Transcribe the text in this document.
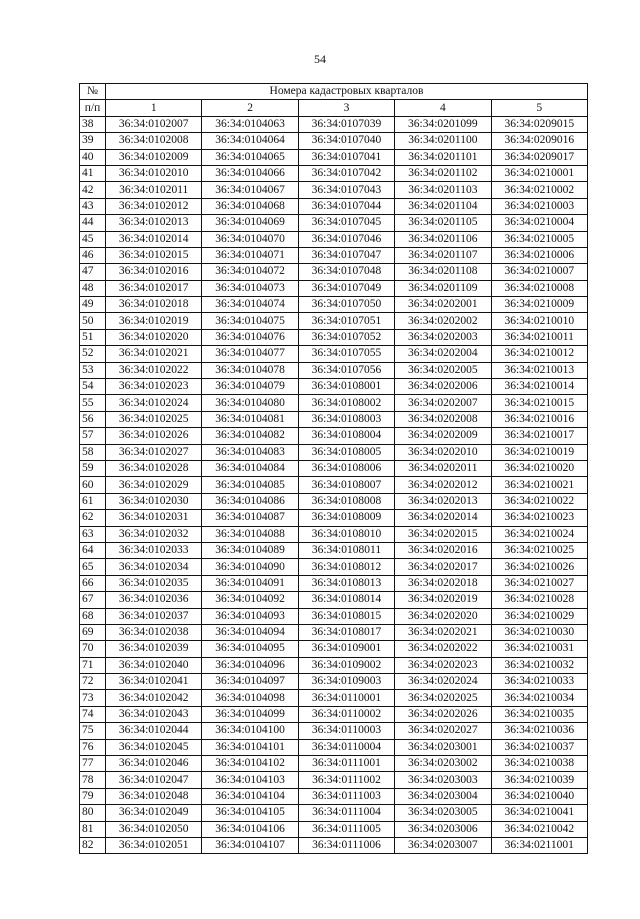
54
№	Номера кадастровых кварталов				
п/п	1	2	3	4	5
38	36:34:0102007	36:34:0104063	36:34:0107039	36:34:0201099	36:34:0209015
39	36:34:0102008	36:34:0104064	36:34:0107040	36:34:0201100	36:34:0209016
40	36:34:0102009	36:34:0104065	36:34:0107041	36:34:0201101	36:34:0209017
41	36:34:0102010	36:34:0104066	36:34:0107042	36:34:0201102	36:34:0210001
42	36:34:0102011	36:34:0104067	36:34:0107043	36:34:0201103	36:34:0210002
43	36:34:0102012	36:34:0104068	36:34:0107044	36:34:0201104	36:34:0210003
44	36:34:0102013	36:34:0104069	36:34:0107045	36:34:0201105	36:34:0210004
45	36:34:0102014	36:34:0104070	36:34:0107046	36:34:0201106	36:34:0210005
46	36:34:0102015	36:34:0104071	36:34:0107047	36:34:0201107	36:34:0210006
47	36:34:0102016	36:34:0104072	36:34:0107048	36:34:0201108	36:34:0210007
48	36:34:0102017	36:34:0104073	36:34:0107049	36:34:0201109	36:34:0210008
49	36:34:0102018	36:34:0104074	36:34:0107050	36:34:0202001	36:34:0210009
50	36:34:0102019	36:34:0104075	36:34:0107051	36:34:0202002	36:34:0210010
51	36:34:0102020	36:34:0104076	36:34:0107052	36:34:0202003	36:34:0210011
52	36:34:0102021	36:34:0104077	36:34:0107055	36:34:0202004	36:34:0210012
53	36:34:0102022	36:34:0104078	36:34:0107056	36:34:0202005	36:34:0210013
54	36:34:0102023	36:34:0104079	36:34:0108001	36:34:0202006	36:34:0210014
55	36:34:0102024	36:34:0104080	36:34:0108002	36:34:0202007	36:34:0210015
56	36:34:0102025	36:34:0104081	36:34:0108003	36:34:0202008	36:34:0210016
57	36:34:0102026	36:34:0104082	36:34:0108004	36:34:0202009	36:34:0210017
58	36:34:0102027	36:34:0104083	36:34:0108005	36:34:0202010	36:34:0210019
59	36:34:0102028	36:34:0104084	36:34:0108006	36:34:0202011	36:34:0210020
60	36:34:0102029	36:34:0104085	36:34:0108007	36:34:0202012	36:34:0210021
61	36:34:0102030	36:34:0104086	36:34:0108008	36:34:0202013	36:34:0210022
62	36:34:0102031	36:34:0104087	36:34:0108009	36:34:0202014	36:34:0210023
63	36:34:0102032	36:34:0104088	36:34:0108010	36:34:0202015	36:34:0210024
64	36:34:0102033	36:34:0104089	36:34:0108011	36:34:0202016	36:34:0210025
65	36:34:0102034	36:34:0104090	36:34:0108012	36:34:0202017	36:34:0210026
66	36:34:0102035	36:34:0104091	36:34:0108013	36:34:0202018	36:34:0210027
67	36:34:0102036	36:34:0104092	36:34:0108014	36:34:0202019	36:34:0210028
68	36:34:0102037	36:34:0104093	36:34:0108015	36:34:0202020	36:34:0210029
69	36:34:0102038	36:34:0104094	36:34:0108017	36:34:0202021	36:34:0210030
70	36:34:0102039	36:34:0104095	36:34:0109001	36:34:0202022	36:34:0210031
71	36:34:0102040	36:34:0104096	36:34:0109002	36:34:0202023	36:34:0210032
72	36:34:0102041	36:34:0104097	36:34:0109003	36:34:0202024	36:34:0210033
73	36:34:0102042	36:34:0104098	36:34:0110001	36:34:0202025	36:34:0210034
74	36:34:0102043	36:34:0104099	36:34:0110002	36:34:0202026	36:34:0210035
75	36:34:0102044	36:34:0104100	36:34:0110003	36:34:0202027	36:34:0210036
76	36:34:0102045	36:34:0104101	36:34:0110004	36:34:0203001	36:34:0210037
77	36:34:0102046	36:34:0104102	36:34:0111001	36:34:0203002	36:34:0210038
78	36:34:0102047	36:34:0104103	36:34:0111002	36:34:0203003	36:34:0210039
79	36:34:0102048	36:34:0104104	36:34:0111003	36:34:0203004	36:34:0210040
80	36:34:0102049	36:34:0104105	36:34:0111004	36:34:0203005	36:34:0210041
81	36:34:0102050	36:34:0104106	36:34:0111005	36:34:0203006	36:34:0210042
82	36:34:0102051	36:34:0104107	36:34:0111006	36:34:0203007	36:34:0211001
